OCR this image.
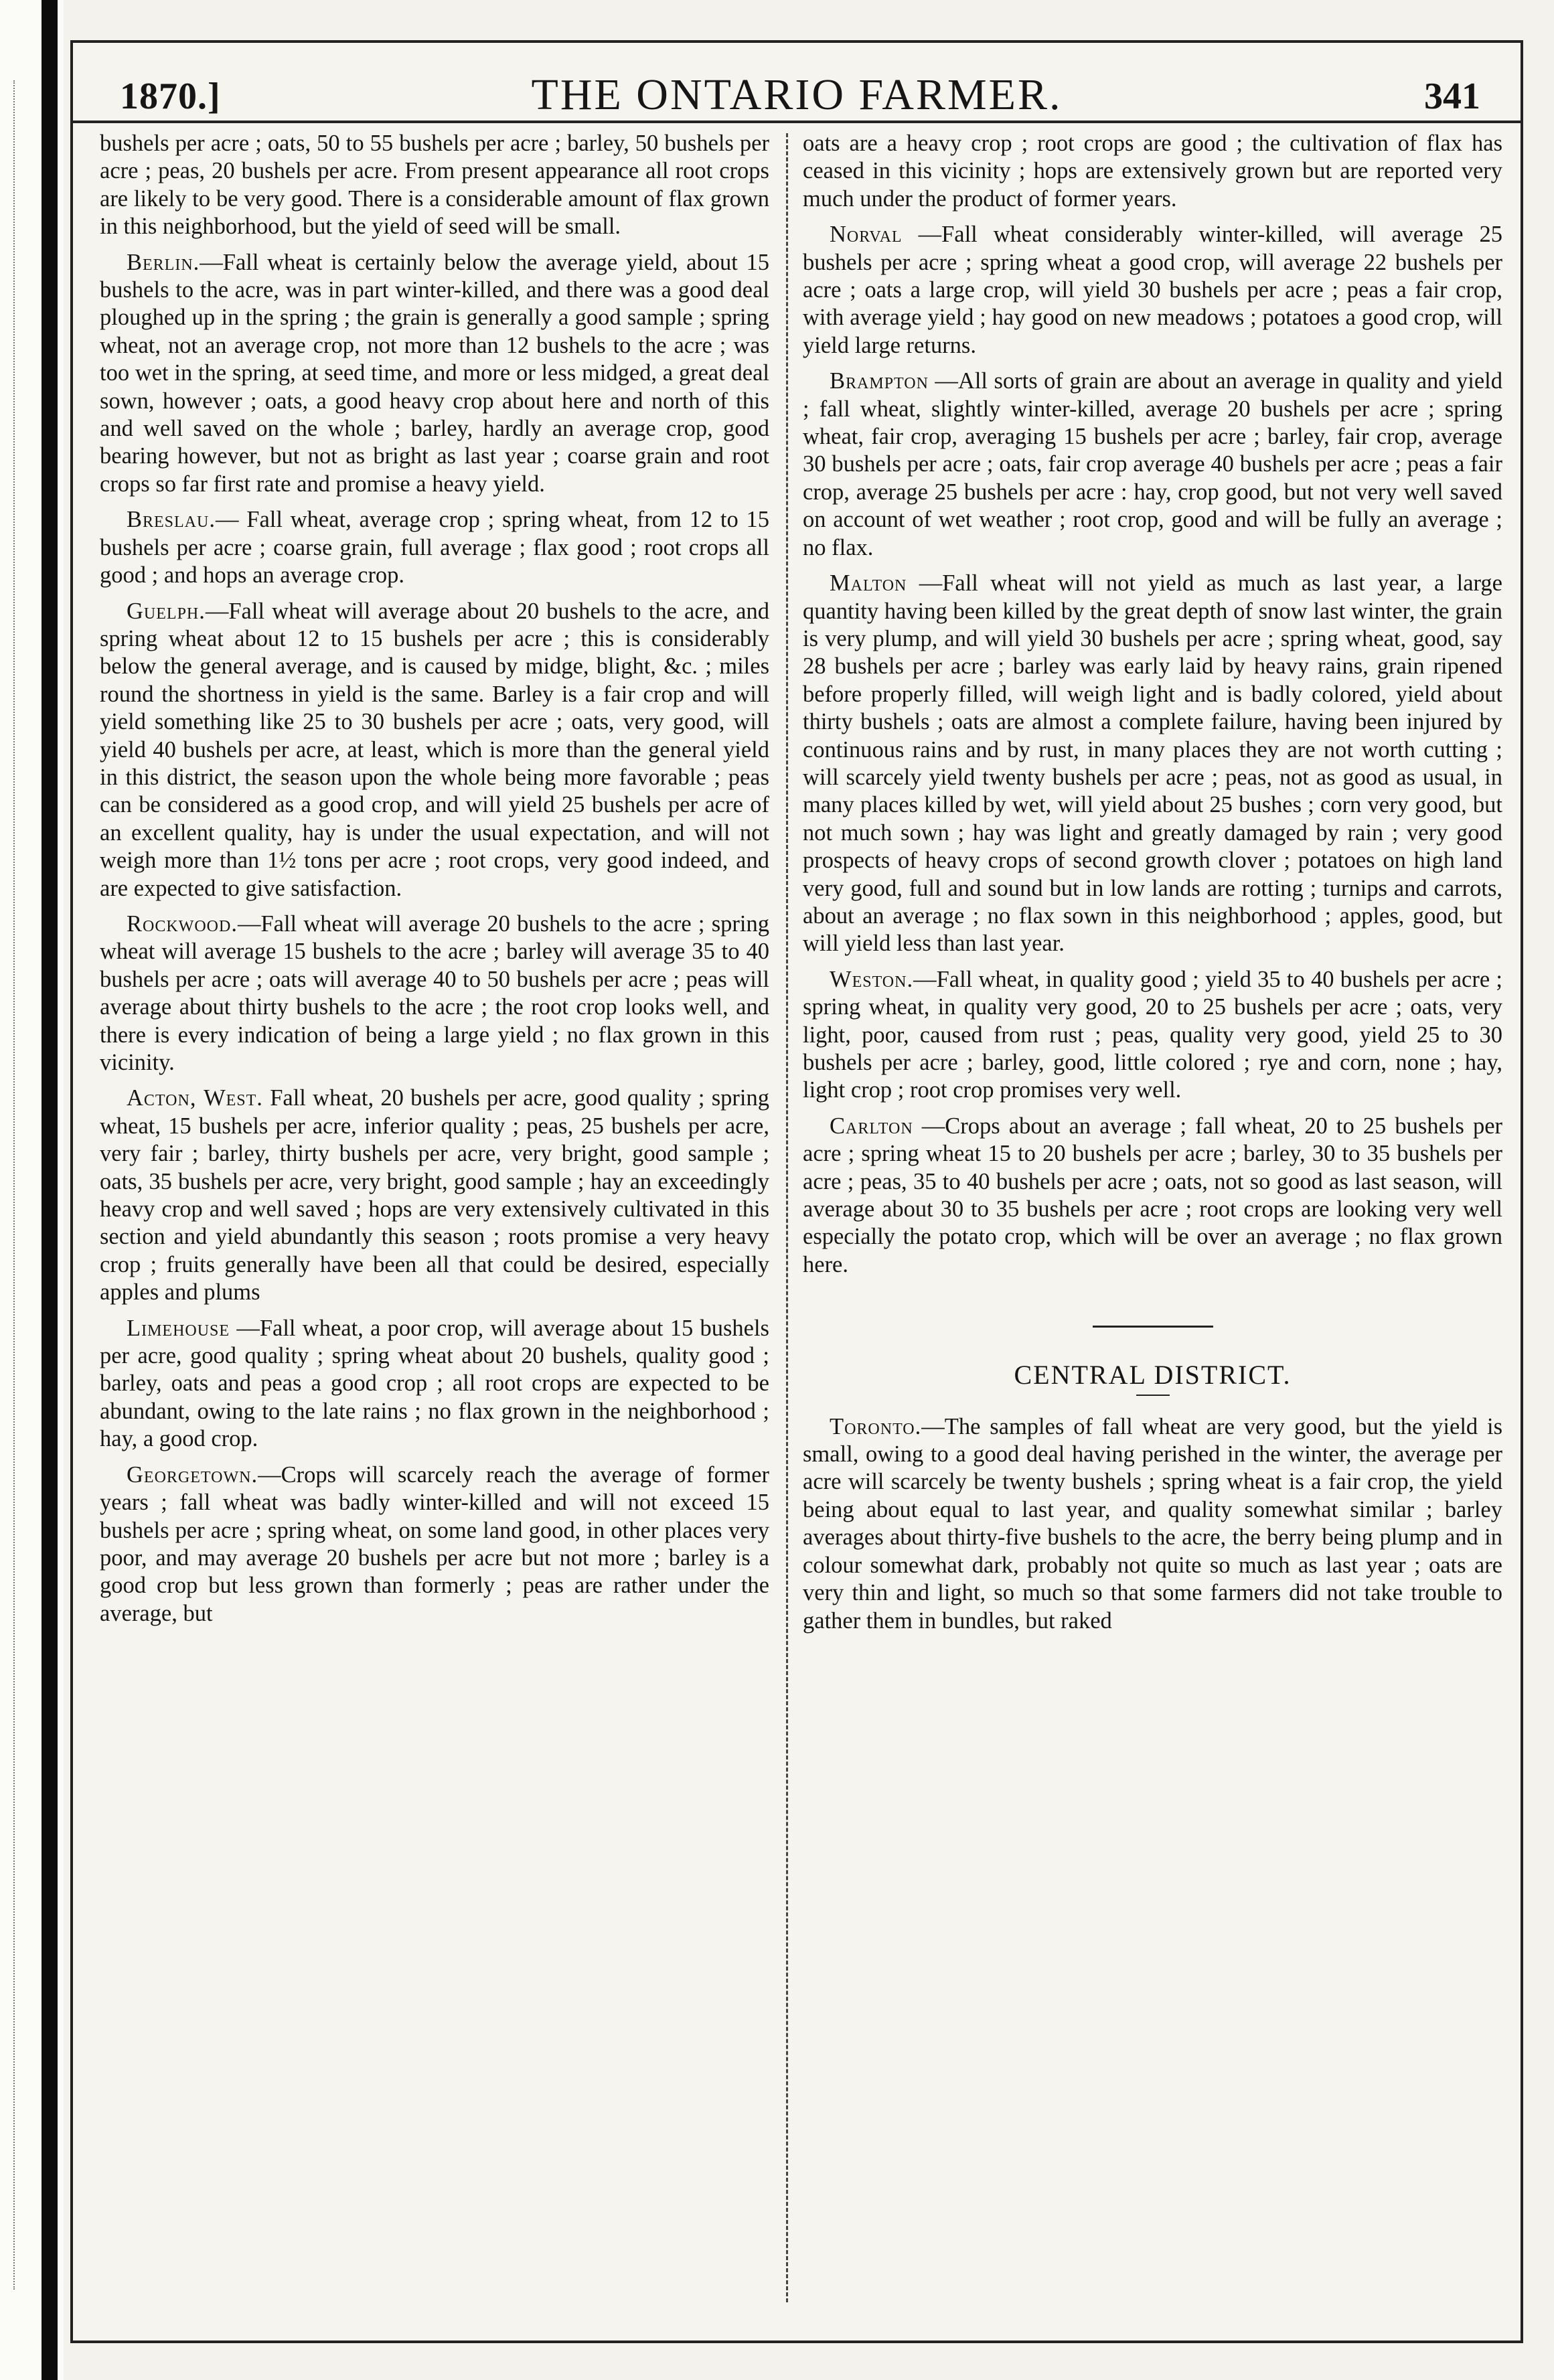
1870.]	THE ONTARIO FARMER.	341

bushels per acre ; oats, 50 to 55 bushels per acre ; barley, 50 bushels per acre ; peas, 20 bushels per acre. From present appearance all root crops are likely to be very good. There is a considerable amount of flax grown in this neighborhood, but the yield of seed will be small.

Berlin.—Fall wheat is certainly below the average yield, about 15 bushels to the acre, was in part winter-killed, and there was a good deal ploughed up in the spring ; the grain is generally a good sample ; spring wheat, not an average crop, not more than 12 bushels to the acre ; was too wet in the spring, at seed time, and more or less midged, a great deal sown, however ; oats, a good heavy crop about here and north of this and well saved on the whole ; barley, hardly an average crop, good bearing however, but not as bright as last year ; coarse grain and root crops so far first rate and promise a heavy yield.

Breslau.— Fall wheat, average crop ; spring wheat, from 12 to 15 bushels per acre ; coarse grain, full average ; flax good ; root crops all good ; and hops an average crop.

Guelph.—Fall wheat will average about 20 bushels to the acre, and spring wheat about 12 to 15 bushels per acre ; this is considerably below the general average, and is caused by midge, blight, &c. ; miles round the shortness in yield is the same. Barley is a fair crop and will yield something like 25 to 30 bushels per acre ; oats, very good, will yield 40 bushels per acre, at least, which is more than the general yield in this district, the season upon the whole being more favorable ; peas can be considered as a good crop, and will yield 25 bushels per acre of an excellent quality, hay is under the usual expectation, and will not weigh more than 1½ tons per acre ; root crops, very good indeed, and are expected to give satisfaction.

Rockwood.—Fall wheat will average 20 bushels to the acre ; spring wheat will average 15 bushels to the acre ; barley will average 35 to 40 bushels per acre ; oats will average 40 to 50 bushels per acre ; peas will average about thirty bushels to the acre ; the root crop looks well, and there is every indication of being a large yield ; no flax grown in this vicinity.

Acton, West. Fall wheat, 20 bushels per acre, good quality ; spring wheat, 15 bushels per acre, inferior quality ; peas, 25 bushels per acre, very fair ; barley, thirty bushels per acre, very bright, good sample ; oats, 35 bushels per acre, very bright, good sample ; hay an exceedingly heavy crop and well saved ; hops are very extensively cultivated in this section and yield abundantly this season ; roots promise a very heavy crop ; fruits generally have been all that could be desired, especially apples and plums

Limehouse —Fall wheat, a poor crop, will average about 15 bushels per acre, good quality ; spring wheat about 20 bushels, quality good ; barley, oats and peas a good crop ; all root crops are expected to be abundant, owing to the late rains ; no flax grown in the neighborhood ; hay, a good crop.

Georgetown.—Crops will scarcely reach the average of former years ; fall wheat was badly winter-killed and will not exceed 15 bushels per acre ; spring wheat, on some land good, in other places very poor, and may average 20 bushels per acre but not more ; barley is a good crop but less grown than formerly ; peas are rather under the average, but

oats are a heavy crop ; root crops are good ; the cultivation of flax has ceased in this vicinity ; hops are extensively grown but are reported very much under the product of former years.

Norval —Fall wheat considerably winter-killed, will average 25 bushels per acre ; spring wheat a good crop, will average 22 bushels per acre ; oats a large crop, will yield 30 bushels per acre ; peas a fair crop, with average yield ; hay good on new meadows ; potatoes a good crop, will yield large returns.

Brampton —All sorts of grain are about an average in quality and yield ; fall wheat, slightly winter-killed, average 20 bushels per acre ; spring wheat, fair crop, averaging 15 bushels per acre ; barley, fair crop, average 30 bushels per acre ; oats, fair crop average 40 bushels per acre ; peas a fair crop, average 25 bushels per acre : hay, crop good, but not very well saved on account of wet weather ; root crop, good and will be fully an average ; no flax.

Malton —Fall wheat will not yield as much as last year, a large quantity having been killed by the great depth of snow last winter, the grain is very plump, and will yield 30 bushels per acre ; spring wheat, good, say 28 bushels per acre ; barley was early laid by heavy rains, grain ripened before properly filled, will weigh light and is badly colored, yield about thirty bushels ; oats are almost a complete failure, having been injured by continuous rains and by rust, in many places they are not worth cutting ; will scarcely yield twenty bushels per acre ; peas, not as good as usual, in many places killed by wet, will yield about 25 bushes ; corn very good, but not much sown ; hay was light and greatly damaged by rain ; very good prospects of heavy crops of second growth clover ; potatoes on high land very good, full and sound but in low lands are rotting ; turnips and carrots, about an average ; no flax sown in this neighborhood ; apples, good, but will yield less than last year.

Weston.—Fall wheat, in quality good ; yield 35 to 40 bushels per acre ; spring wheat, in quality very good, 20 to 25 bushels per acre ; oats, very light, poor, caused from rust ; peas, quality very good, yield 25 to 30 bushels per acre ; barley, good, little colored ; rye and corn, none ; hay, light crop ; root crop promises very well.

Carlton —Crops about an average ; fall wheat, 20 to 25 bushels per acre ; spring wheat 15 to 20 bushels per acre ; barley, 30 to 35 bushels per acre ; peas, 35 to 40 bushels per acre ; oats, not so good as last season, will average about 30 to 35 bushels per acre ; root crops are looking very well especially the potato crop, which will be over an average ; no flax grown here.

CENTRAL DISTRICT.

Toronto.—The samples of fall wheat are very good, but the yield is small, owing to a good deal having perished in the winter, the average per acre will scarcely be twenty bushels ; spring wheat is a fair crop, the yield being about equal to last year, and quality somewhat similar ; barley averages about thirty-five bushels to the acre, the berry being plump and in colour somewhat dark, probably not quite so much as last year ; oats are very thin and light, so much so that some farmers did not take trouble to gather them in bundles, but raked
